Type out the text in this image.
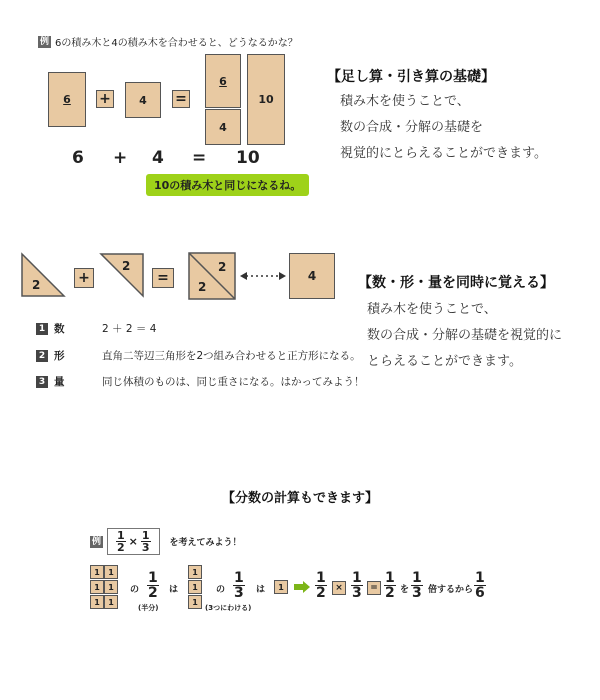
例 6の積み木と4の積み木を合わせると、どうなるかな？
6 +	4 =
6
4
10
6 + 4 = 10
10の積み木と同じになるね。
【足し算・引き算の基礎】
積み木を使うことで、
数の合成・分解の基礎を
視覚的にとらえることができます。
2	+
2
=
2
2
4	【数・形・量を同時に覚える】
積み木を使うことで、
数の合成・分解の基礎を視覚的に
とらえることができます。
1 数	2 ＋ 2 ＝ 4
2 形	直角二等辺三角形を2つ組み合わせると正方形になる。
3 量	同じ体積のものは、同じ重さになる。はかってみよう！
【分数の計算もできます】
例 $\frac{1}{2} \times \frac{1}{3}$ を考えてみよう！
1 1
1 1
1 1
の $\frac{1}{2}$
(半分)
は
1
1
1
の $\frac{1}{3}$
(3つにわける)
は $1 \frac{1}{2} \times \frac{1}{3} = \frac{1}{2}$ を $\frac{1}{3}$ 倍するから $\frac{1}{6}$
